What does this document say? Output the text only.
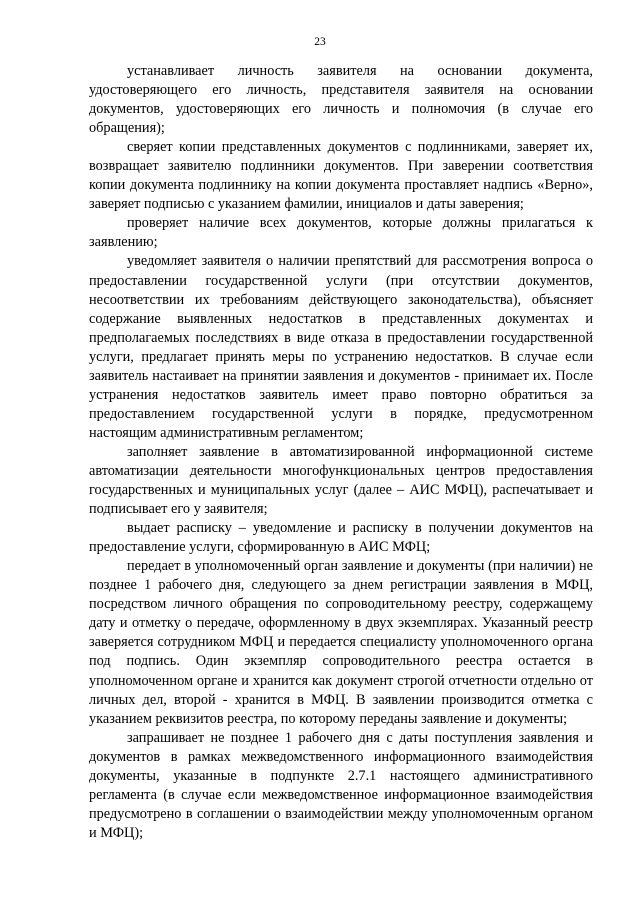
23

устанавливает личность заявителя на основании документа, удостоверяющего его личность, представителя заявителя на основании документов, удостоверяющих его личность и полномочия (в случае его обращения);

сверяет копии представленных документов с подлинниками, заверяет их, возвращает заявителю подлинники документов. При заверении соответствия копии документа подлиннику на копии документа проставляет надпись «Верно», заверяет подписью с указанием фамилии, инициалов и даты заверения;

проверяет наличие всех документов, которые должны прилагаться к заявлению;

уведомляет заявителя о наличии препятствий для рассмотрения вопроса о предоставлении государственной услуги (при отсутствии документов, несоответствии их требованиям действующего законодательства), объясняет содержание выявленных недостатков в представленных документах и предполагаемых последствиях в виде отказа в предоставлении государственной услуги, предлагает принять меры по устранению недостатков. В случае если заявитель настаивает на принятии заявления и документов - принимает их. После устранения недостатков заявитель имеет право повторно обратиться за предоставлением государственной услуги в порядке, предусмотренном настоящим административным регламентом;

заполняет заявление в автоматизированной информационной системе автоматизации деятельности многофункциональных центров предоставления государственных и муниципальных услуг (далее – АИС МФЦ), распечатывает и подписывает его у заявителя;

выдает расписку – уведомление и расписку в получении документов на предоставление услуги, сформированную в АИС МФЦ;

передает в уполномоченный орган заявление и документы (при наличии) не позднее 1 рабочего дня, следующего за днем регистрации заявления в МФЦ, посредством личного обращения по сопроводительному реестру, содержащему дату и отметку о передаче, оформленному в двух экземплярах. Указанный реестр заверяется сотрудником МФЦ и передается специалисту уполномоченного органа под подпись. Один экземпляр сопроводительного реестра остается в уполномоченном органе и хранится как документ строгой отчетности отдельно от личных дел, второй - хранится в МФЦ. В заявлении производится отметка с указанием реквизитов реестра, по которому переданы заявление и документы;

запрашивает не позднее 1 рабочего дня с даты поступления заявления и документов в рамках межведомственного информационного взаимодействия документы, указанные в подпункте 2.7.1 настоящего административного регламента (в случае если межведомственное информационное взаимодействия предусмотрено в соглашении о взаимодействии между уполномоченным органом и МФЦ);
